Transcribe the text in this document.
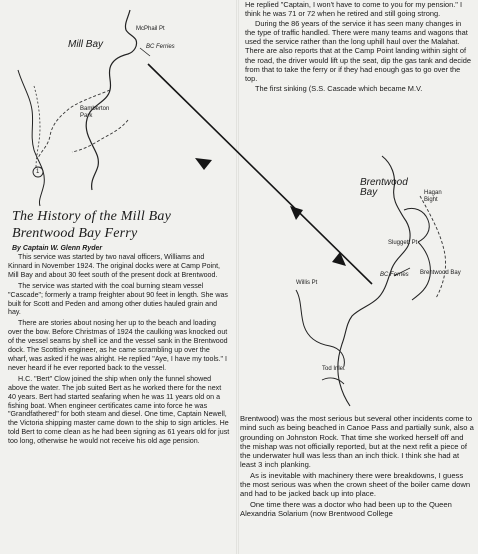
Mill Bay
McPhail Pt
BC Ferries
Bamberton
Park
1
Brentwood
Bay	Hagan
Bight
Sluggett Pt
BC Ferries Brentwood Bay
Willis Pt
Tod Inlet
The History of the Mill Bay
Brentwood Bay Ferry
By Captain W. Glenn Ryder

This service was started by two naval officers, Williams and Kinnard in November 1924. The original docks were at Camp Point, Mill Bay and about 30 feet south of the present dock at Brentwood.

The service was started with the coal burning steam vessel "Cascade"; formerly a tramp freighter about 90 feet in length. She was built for Scott and Peden and among other duties hauled grain and hay.

There are stories about nosing her up to the beach and loading over the bow. Before Christmas of 1924 the caulking was knocked out of the vessel seams by shell ice and the vessel sank in the Brentwood dock. The Scottish engineer, as he came scrambling up over the wharf, was asked if he was alright. He replied "Aye, I have my tools." I never heard if he ever reported back to the vessel.

H.C. "Bert" Clow joined the ship when only the funnel showed above the water. The job suited Bert as he worked there for the next 40 years. Bert had started seafaring when he was 11 years old on a fishing boat. When engineer certificates came into force he was "Grandfathered" for both steam and diesel. One time, Captain Newell, the Victoria shipping master came down to the ship to sign articles. He told Bert to come clean as he had been signing as 61 years old for just too long, otherwise he would not receive his old age pension.

He replied "Captain, I won't have to come to you for my pension." I think he was 71 or 72 when he retired and still going strong.

During the 86 years of the service it has seen many changes in the type of traffic handled. There were many teams and wagons that used the service rather than the long uphill haul over the Malahat. There are also reports that at the Camp Point landing within sight of the road, the driver would lift up the seat, dip the gas tank and decide from that to take the ferry or if they had enough gas to go over the top.

The first sinking (S.S. Cascade which became M.V.

Brentwood) was the most serious but several other incidents come to mind such as being beached in Canoe Pass and partially sunk, also a grounding on Johnston Rock. That time she worked herself off and the mishap was not officially reported, but at the next refit a piece of the underwater hull was less than an inch thick. I think she had at least 3 inch planking.

As is inevitable with machinery there were breakdowns, I guess the most serious was when the crown sheet of the boiler came down and had to be jacked back up into place.

One time there was a doctor who had been up to the Queen Alexandria Solarium (now Brentwood College
